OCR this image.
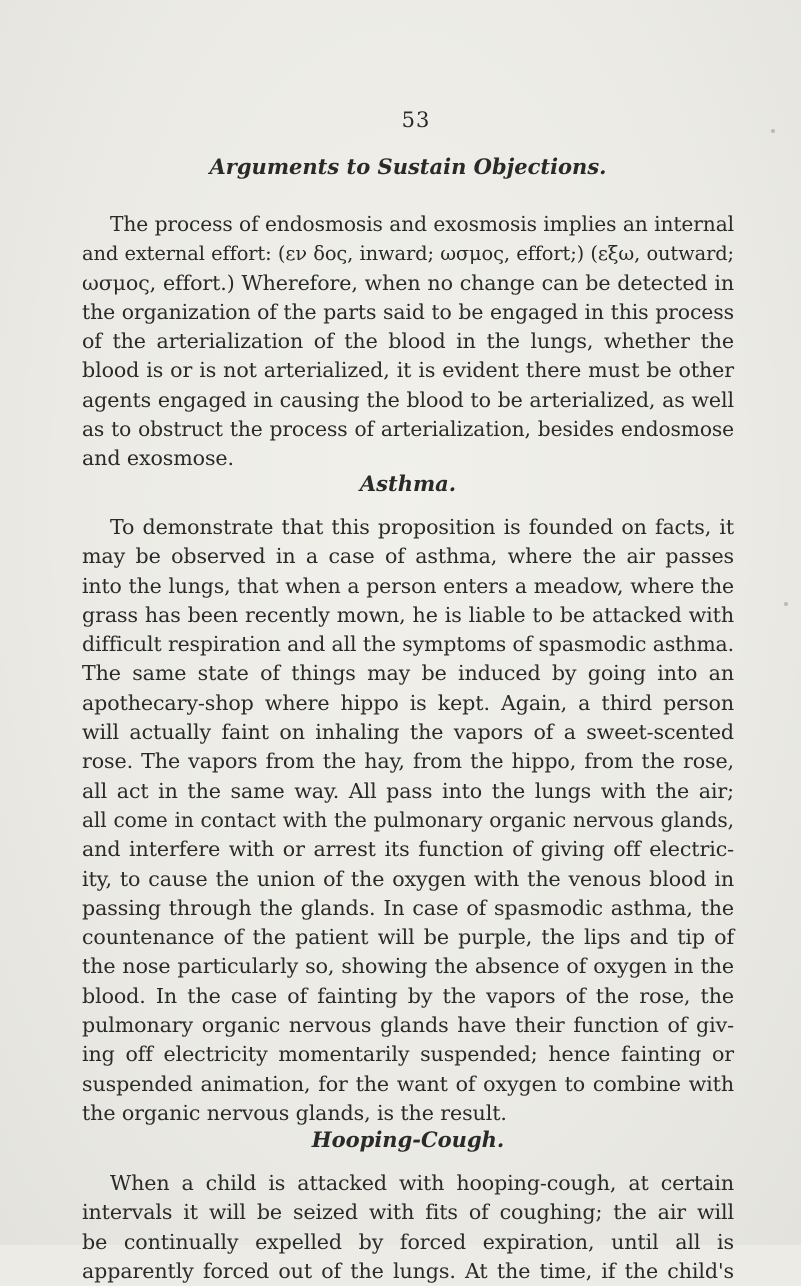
53
Arguments to Sustain Objections.
The process of endosmosis and exosmosis implies an internal
and external effort: (εν δος, inward; ωσμος, effort;) (εξω, outward;
ωσμος, effort.) Wherefore, when no change can be detected in
the organization of the parts said to be engaged in this process
of the arterialization of the blood in the lungs, whether the
blood is or is not arterialized, it is evident there must be other
agents engaged in causing the blood to be arterialized, as well
as to obstruct the process of arterialization, besides endosmose
and exosmose.
Asthma.
To demonstrate that this proposition is founded on facts, it
may be observed in a case of asthma, where the air passes
into the lungs, that when a person enters a meadow, where the
grass has been recently mown, he is liable to be attacked with
difficult respiration and all the symptoms of spasmodic asthma.
The same state of things may be induced by going into an
apothecary-shop where hippo is kept. Again, a third person
will actually faint on inhaling the vapors of a sweet-scented
rose. The vapors from the hay, from the hippo, from the rose,
all act in the same way. All pass into the lungs with the air;
all come in contact with the pulmonary organic nervous glands,
and interfere with or arrest its function of giving off electric-
ity, to cause the union of the oxygen with the venous blood in
passing through the glands. In case of spasmodic asthma, the
countenance of the patient will be purple, the lips and tip of
the nose particularly so, showing the absence of oxygen in the
blood. In the case of fainting by the vapors of the rose, the
pulmonary organic nervous glands have their function of giv-
ing off electricity momentarily suspended; hence fainting or
suspended animation, for the want of oxygen to combine with
the organic nervous glands, is the result.
Hooping-Cough.
When a child is attacked with hooping-cough, at certain
intervals it will be seized with fits of coughing; the air will
be continually expelled by forced expiration, until all is
apparently forced out of the lungs. At the time, if the child's
